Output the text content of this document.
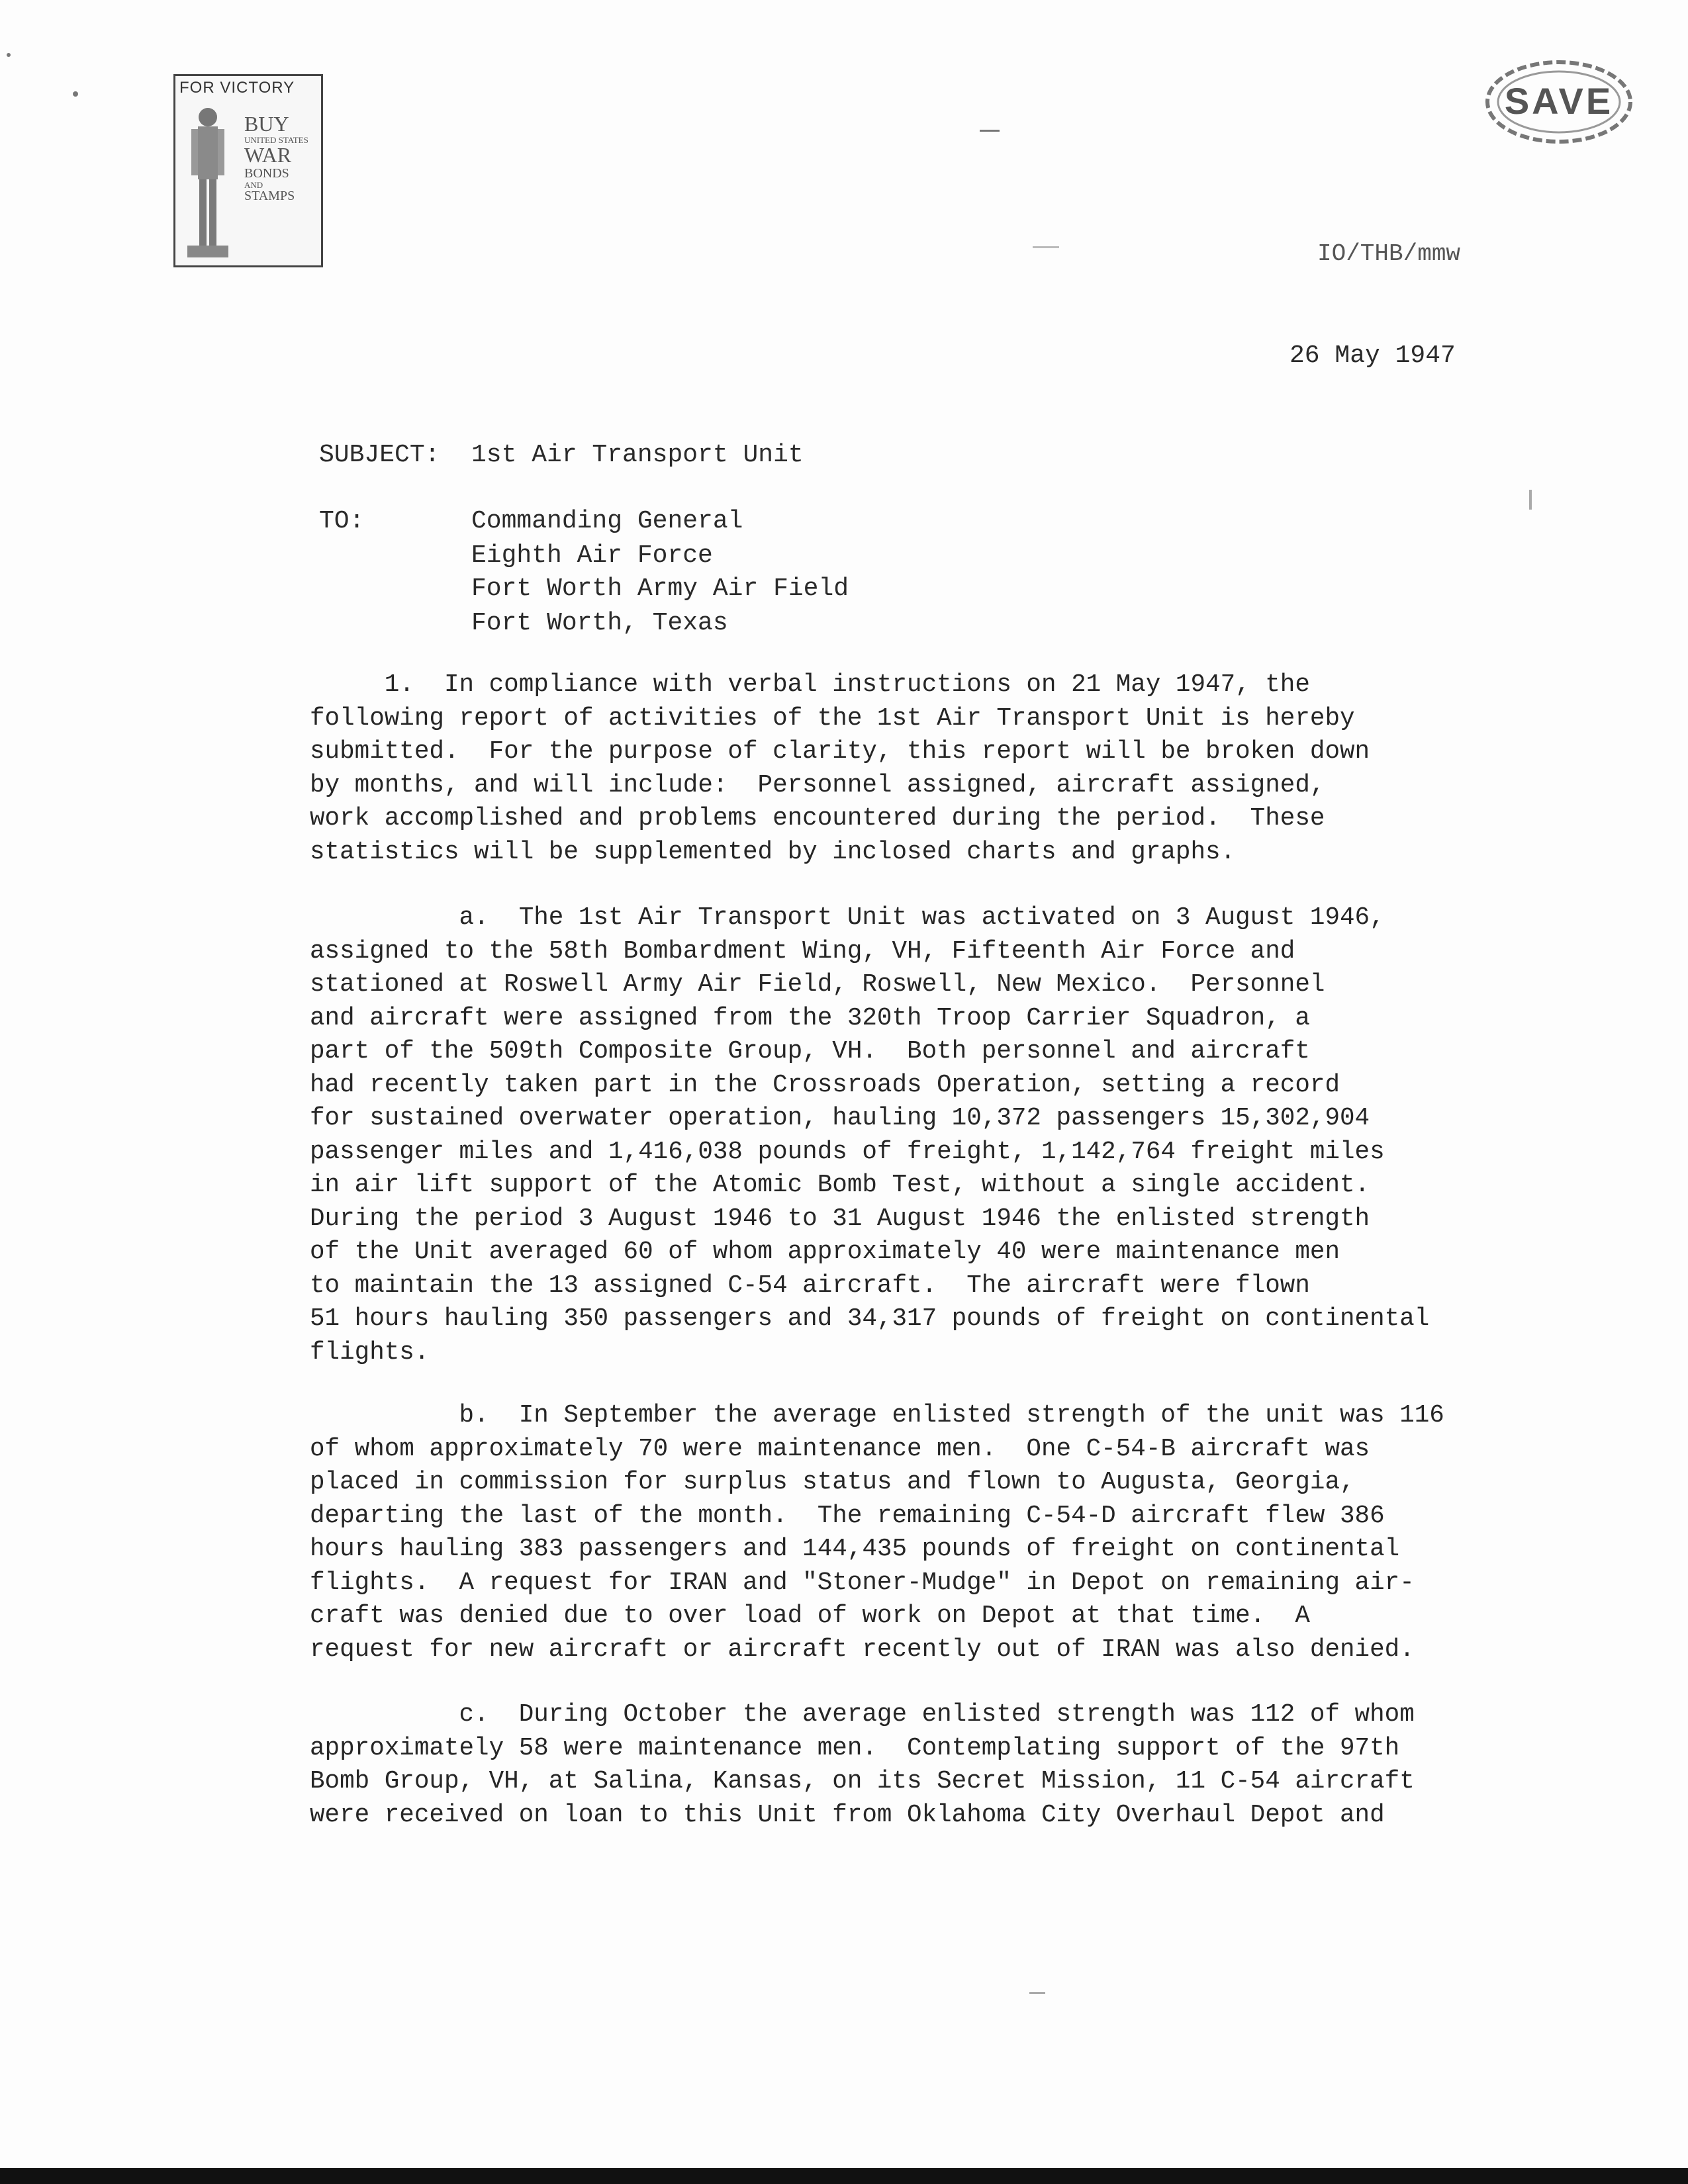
FOR VICTORY
BUY
UNITED STATES
WAR
BONDS
AND
STAMPS
SAVE
IO/THB/mmw
26 May 1947
SUBJECT: 1st Air Transport Unit
TO:	Commanding General
Eighth Air Force
Fort Worth Army Air Field
Fort Worth, Texas
1.  In compliance with verbal instructions on 21 May 1947, the
following report of activities of the 1st Air Transport Unit is hereby
submitted.  For the purpose of clarity, this report will be broken down
by months, and will include:  Personnel assigned, aircraft assigned,
work accomplished and problems encountered during the period.  These
statistics will be supplemented by inclosed charts and graphs.
a.  The 1st Air Transport Unit was activated on 3 August 1946,
assigned to the 58th Bombardment Wing, VH, Fifteenth Air Force and
stationed at Roswell Army Air Field, Roswell, New Mexico.  Personnel
and aircraft were assigned from the 320th Troop Carrier Squadron, a
part of the 509th Composite Group, VH.  Both personnel and aircraft
had recently taken part in the Crossroads Operation, setting a record
for sustained overwater operation, hauling 10,372 passengers 15,302,904
passenger miles and 1,416,038 pounds of freight, 1,142,764 freight miles
in air lift support of the Atomic Bomb Test, without a single accident.
During the period 3 August 1946 to 31 August 1946 the enlisted strength
of the Unit averaged 60 of whom approximately 40 were maintenance men
to maintain the 13 assigned C-54 aircraft.  The aircraft were flown
51 hours hauling 350 passengers and 34,317 pounds of freight on continental
flights.
b.  In September the average enlisted strength of the unit was 116
of whom approximately 70 were maintenance men.  One C-54-B aircraft was
placed in commission for surplus status and flown to Augusta, Georgia,
departing the last of the month.  The remaining C-54-D aircraft flew 386
hours hauling 383 passengers and 144,435 pounds of freight on continental
flights.  A request for IRAN and "Stoner-Mudge" in Depot on remaining air-
craft was denied due to over load of work on Depot at that time.  A
request for new aircraft or aircraft recently out of IRAN was also denied.
c.  During October the average enlisted strength was 112 of whom
approximately 58 were maintenance men.  Contemplating support of the 97th
Bomb Group, VH, at Salina, Kansas, on its Secret Mission, 11 C-54 aircraft
were received on loan to this Unit from Oklahoma City Overhaul Depot and
